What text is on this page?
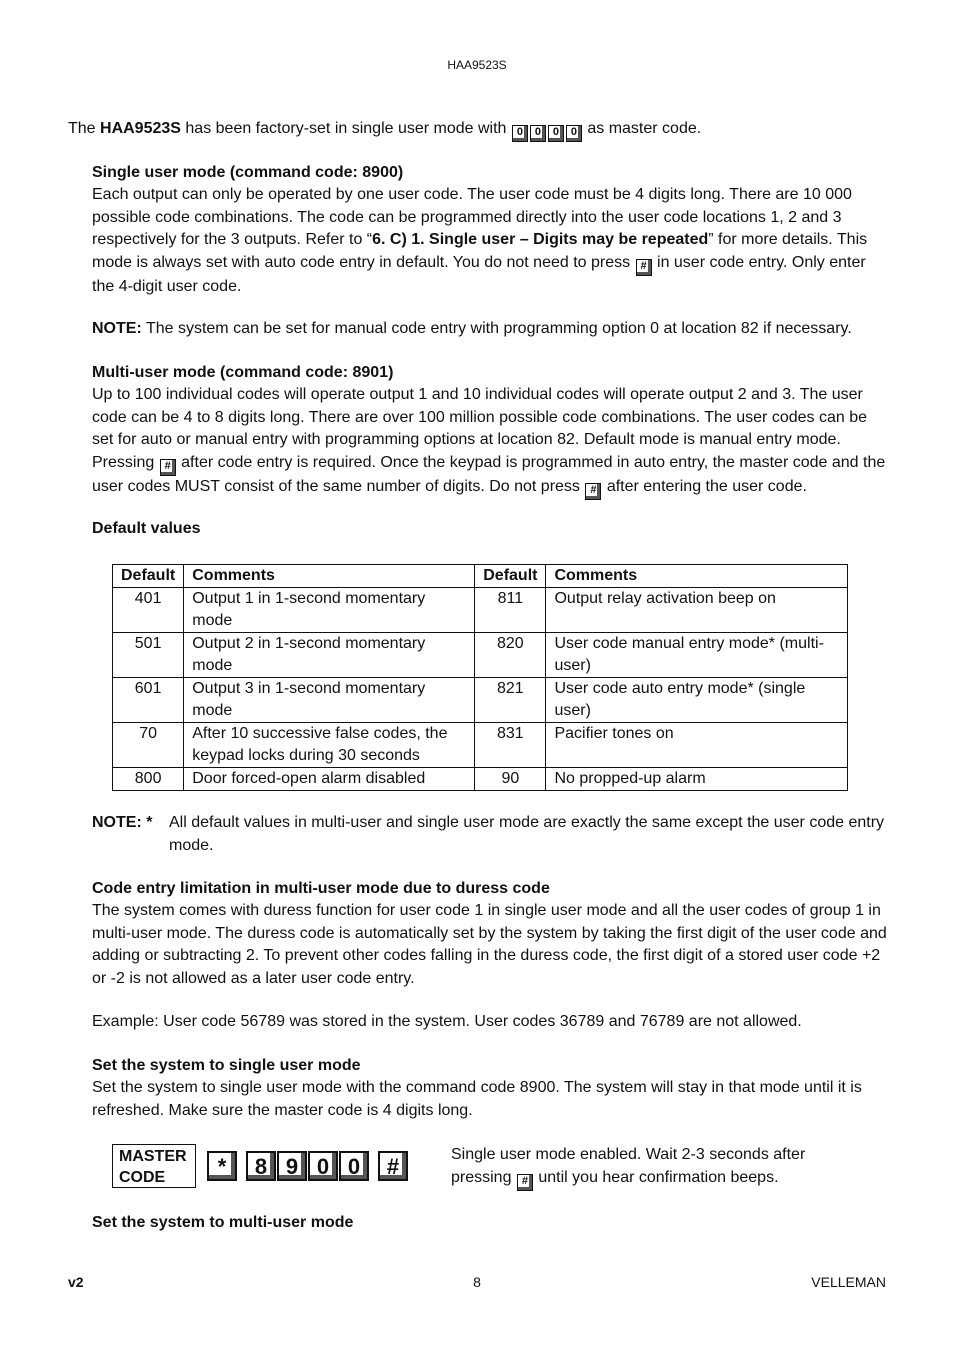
HAA9523S

The HAA9523S has been factory-set in single user mode with 0 0 0 0 as master code.

Single user mode (command code: 8900)

Each output can only be operated by one user code. The user code must be 4 digits long. There are 10 000 possible code combinations. The code can be programmed directly into the user code locations 1, 2 and 3 respectively for the 3 outputs. Refer to “6. C) 1. Single user – Digits may be repeated” for more details. This mode is always set with auto code entry in default. You do not need to press # in user code entry. Only enter the 4-digit user code.

NOTE: The system can be set for manual code entry with programming option 0 at location 82 if necessary.

Multi-user mode (command code: 8901)

Up to 100 individual codes will operate output 1 and 10 individual codes will operate output 2 and 3. The user code can be 4 to 8 digits long. There are over 100 million possible code combinations. The user codes can be set for auto or manual entry with programming options at location 82. Default mode is manual entry mode. Pressing # after code entry is required. Once the keypad is programmed in auto entry, the master code and the user codes MUST consist of the same number of digits. Do not press # after entering the user code.

Default values

Default	Comments	Default	Comments
401	Output 1 in 1-second momentary mode	811	Output relay activation beep on
501	Output 2 in 1-second momentary mode	820	User code manual entry mode* (multi-user)
601	Output 3 in 1-second momentary mode	821	User code auto entry mode* (single user)
70	After 10 successive false codes, the keypad locks during 30 seconds	831	Pacifier tones on
800	Door forced-open alarm disabled	90	No propped-up alarm
NOTE: * All default values in multi-user and single user mode are exactly the same except the user code entry mode.

Code entry limitation in multi-user mode due to duress code

The system comes with duress function for user code 1 in single user mode and all the user codes of group 1 in multi-user mode. The duress code is automatically set by the system by taking the first digit of the user code and adding or subtracting 2. To prevent other codes falling in the duress code, the first digit of a stored user code +2 or -2 is not allowed as a later user code entry.

Example: User code 56789 was stored in the system. User codes 36789 and 76789 are not allowed.

Set the system to single user mode

Set the system to single user mode with the command code 8900. The system will stay in that mode until it is refreshed. Make sure the master code is 4 digits long.

MASTER
CODE	* 8 9 0 0 #	Single user mode enabled. Wait 2-3 seconds after pressing # until you hear confirmation beeps.

Set the system to multi-user mode

v2	8	VELLEMAN
